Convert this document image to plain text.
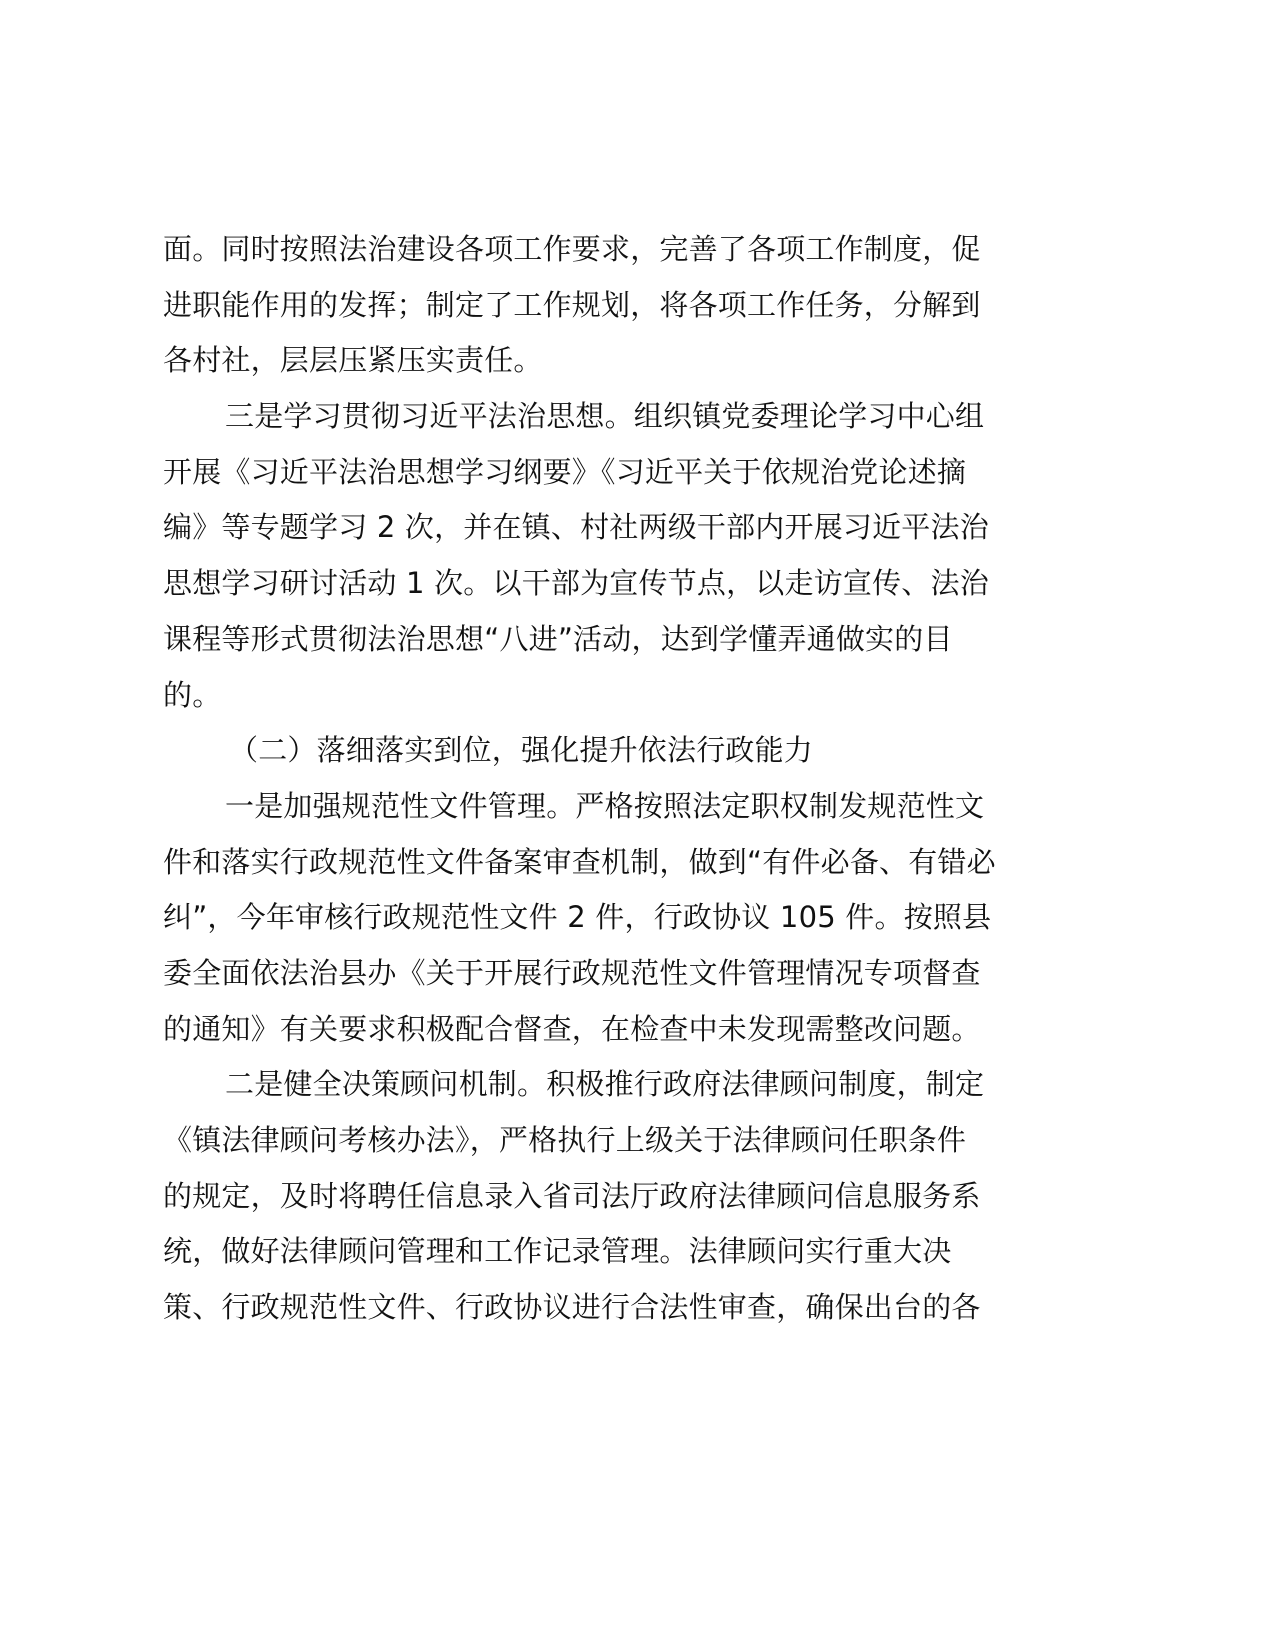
面。同时按照法治建设各项工作要求，完善了各项工作制度，促
进职能作用的发挥；制定了工作规划，将各项工作任务，分解到
各村社，层层压紧压实责任。
三是学习贯彻习近平法治思想。组织镇党委理论学习中心组
开展《习近平法治思想学习纲要》《习近平关于依规治党论述摘
编》等专题学习 2 次，并在镇、村社两级干部内开展习近平法治
思想学习研讨活动 1 次。以干部为宣传节点，以走访宣传、法治
课程等形式贯彻法治思想“八进”活动，达到学懂弄通做实的目
的。
（二）落细落实到位，强化提升依法行政能力
一是加强规范性文件管理。严格按照法定职权制发规范性文
件和落实行政规范性文件备案审查机制，做到“有件必备、有错必
纠”，今年审核行政规范性文件 2 件，行政协议 105 件。按照县
委全面依法治县办《关于开展行政规范性文件管理情况专项督查
的通知》有关要求积极配合督查，在检查中未发现需整改问题。
二是健全决策顾问机制。积极推行政府法律顾问制度，制定
《镇法律顾问考核办法》，严格执行上级关于法律顾问任职条件
的规定，及时将聘任信息录入省司法厅政府法律顾问信息服务系
统，做好法律顾问管理和工作记录管理。法律顾问实行重大决
策、行政规范性文件、行政协议进行合法性审查，确保出台的各
